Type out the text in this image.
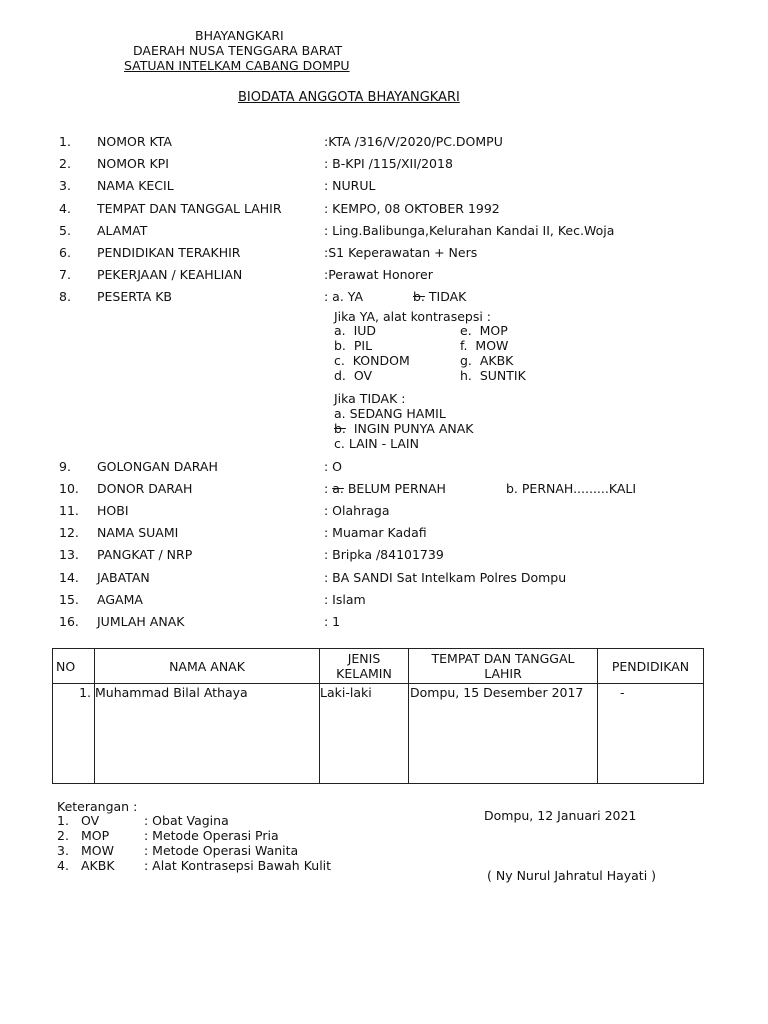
BHAYANGKARI
DAERAH NUSA TENGGARA BARAT
SATUAN INTELKAM CABANG DOMPU
BIODATA ANGGOTA BHAYANGKARI
1. NOMOR KTA	:KTA /316/V/2020/PC.DOMPU
2. NOMOR KPI	: B-KPI /115/XII/2018
3. NAMA KECIL	: NURUL
4. TEMPAT DAN TANGGAL LAHIR	: KEMPO, 08 OKTOBER 1992
5. ALAMAT	: Ling.Balibunga,Kelurahan Kandai II, Kec.Woja
6. PENDIDIKAN TERAKHIR	:S1 Keperawatan + Ners
7. PEKERJAAN / KEAHLIAN	:Perawat Honorer
8. PESERTA KB	: a. YA	b. TIDAK
Jika YA, alat kontrasepsi :
a.  IUD
b.  PIL
c.  KONDOM
d.  OV
e.  MOP
f.  MOW
g.  AKBK
h.  SUNTIK
Jika TIDAK :
a. SEDANG HAMIL
b.  INGIN PUNYA ANAK
c. LAIN - LAIN
9. GOLONGAN DARAH	: O
10. DONOR DARAH	: a. BELUM PERNAH	b. PERNAH.........KALI
11. HOBI	: Olahraga
12. NAMA SUAMI	: Muamar Kadafi
13. PANGKAT / NRP	: Bripka /84101739
14. JABATAN	: BA SANDI Sat Intelkam Polres Dompu
15. AGAMA	: Islam
16. JUMLAH ANAK	: 1
NO	NAMA ANAK	JENIS KELAMIN	TEMPAT DAN TANGGAL LAHIR	PENDIDIKAN
1.	Muhammad Bilal Athaya	Laki-laki	Dompu, 15 Desember 2017	-
Keterangan :
1. OV	: Obat Vagina
2. MOP	: Metode Operasi Pria
3. MOW : Metode Operasi Wanita
4. AKBK : Alat Kontrasepsi Bawah Kulit
Dompu, 12 Januari 2021
( Ny Nurul Jahratul Hayati )
